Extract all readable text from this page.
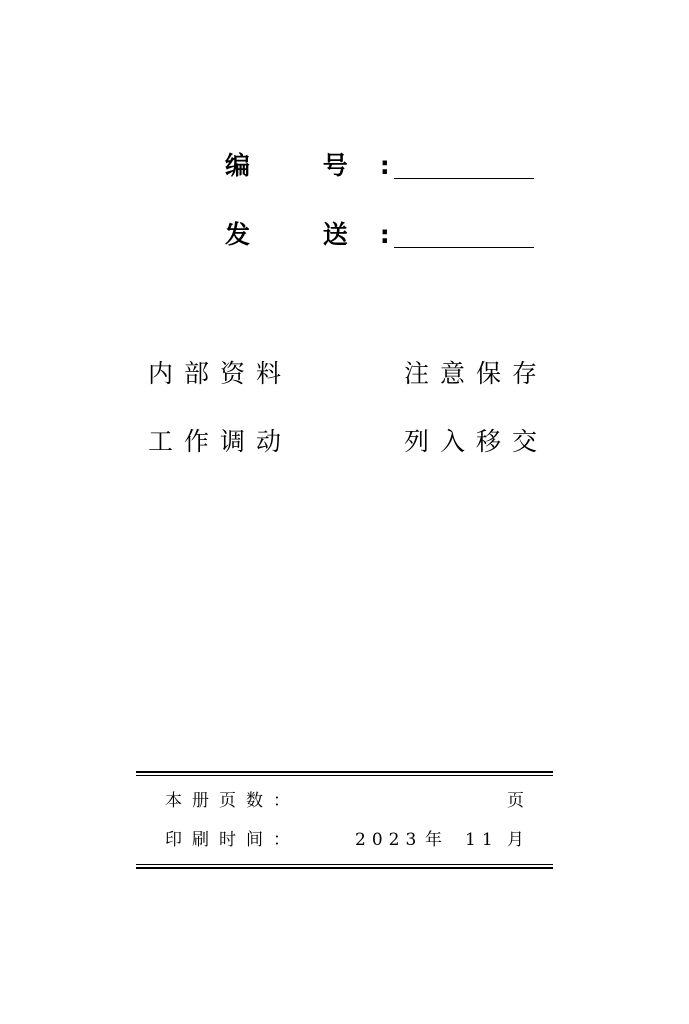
编 号 :
发 送 :
内部资料	注意保存
工作调动	列入移交
本册页数：	页
印刷时间：	2023 年 11 月
